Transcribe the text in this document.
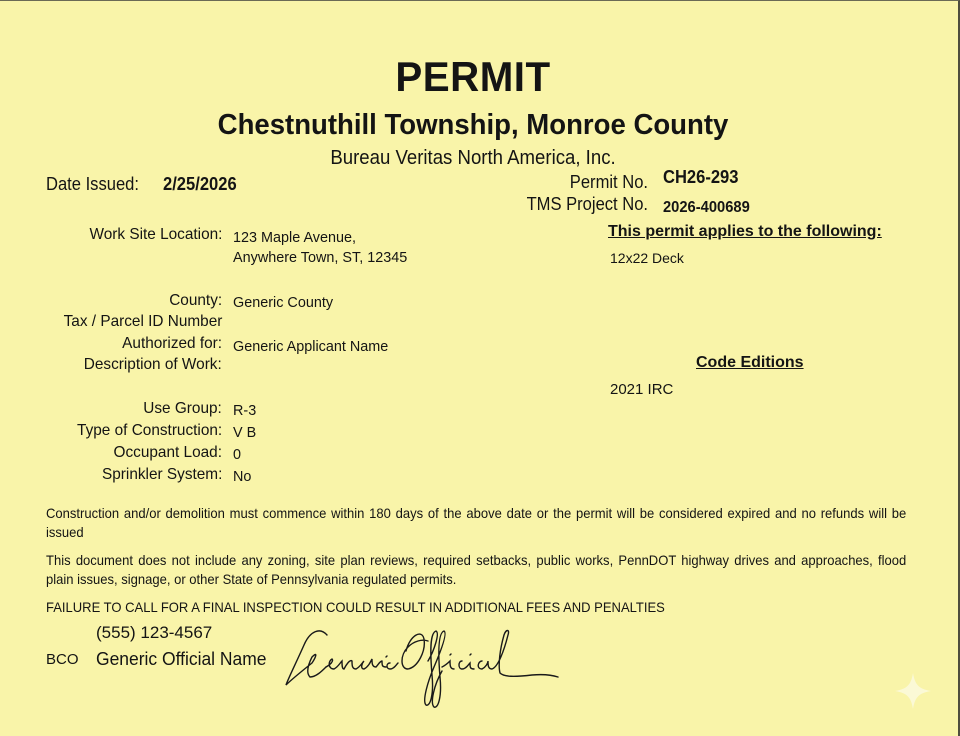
PERMIT
Chestnuthill Township, Monroe County
Bureau Veritas North America, Inc.
Date Issued: 2/25/2026	Permit No. CH26-293
TMS Project No. 2026-400689
Work Site Location: 123 Maple Avenue,
Anywhere Town, ST, 12345
County: Generic County
Tax / Parcel ID Number
Authorized for: Generic Applicant Name
Description of Work:
Use Group: R-3
Type of Construction: V B
Occupant Load: 0
Sprinkler System: No
This permit applies to the following:
12x22 Deck
Code Editions
2021 IRC
Construction and/or demolition must commence within 180 days of the above date or the permit will be considered expired and no refunds will be issued
This document does not include any zoning, site plan reviews, required setbacks, public works, PennDOT highway drives and approaches, flood plain issues, signage, or other State of Pennsylvania regulated permits.
FAILURE TO CALL FOR A FINAL INSPECTION COULD RESULT IN ADDITIONAL FEES AND PENALTIES
(555) 123-4567
BCO Generic Official Name
